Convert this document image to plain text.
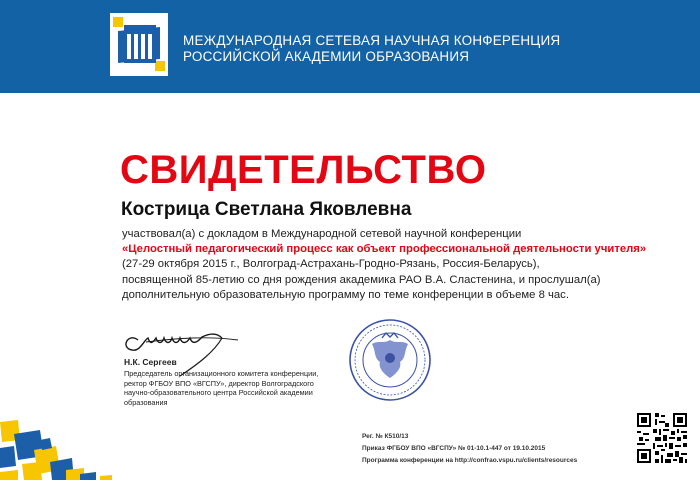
МЕЖДУНАРОДНАЯ СЕТЕВАЯ НАУЧНАЯ КОНФЕРЕНЦИЯ
РОССИЙСКОЙ АКАДЕМИИ ОБРАЗОВАНИЯ
СВИДЕТЕЛЬСТВО
Кострица Светлана Яковлевна
участвовал(а) с докладом в Международной сетевой научной конференции
«Целостный педагогический процесс как объект профессиональной деятельности учителя»
(27-29 октября 2015 г., Волгоград-Астрахань-Гродно-Рязань, Россия-Беларусь),
посвященной 85-летию со дня рождения академика РАО В.А. Сластенина, и прослушал(а)
дополнительную образовательную программу по теме конференции в объеме 8 час.
Н.К. Сергеев
Председатель организационного комитета конференции,
ректор ФГБОУ ВПО «ВГСПУ», директор Волгоградского
научно-образовательного центра Российской академии
образования
Рег. № К510/13
Приказ ФГБОУ ВПО «ВГСПУ» № 01-10.1-447 от 19.10.2015
Программа конференции на http://confrao.vspu.ru/clients/resources
